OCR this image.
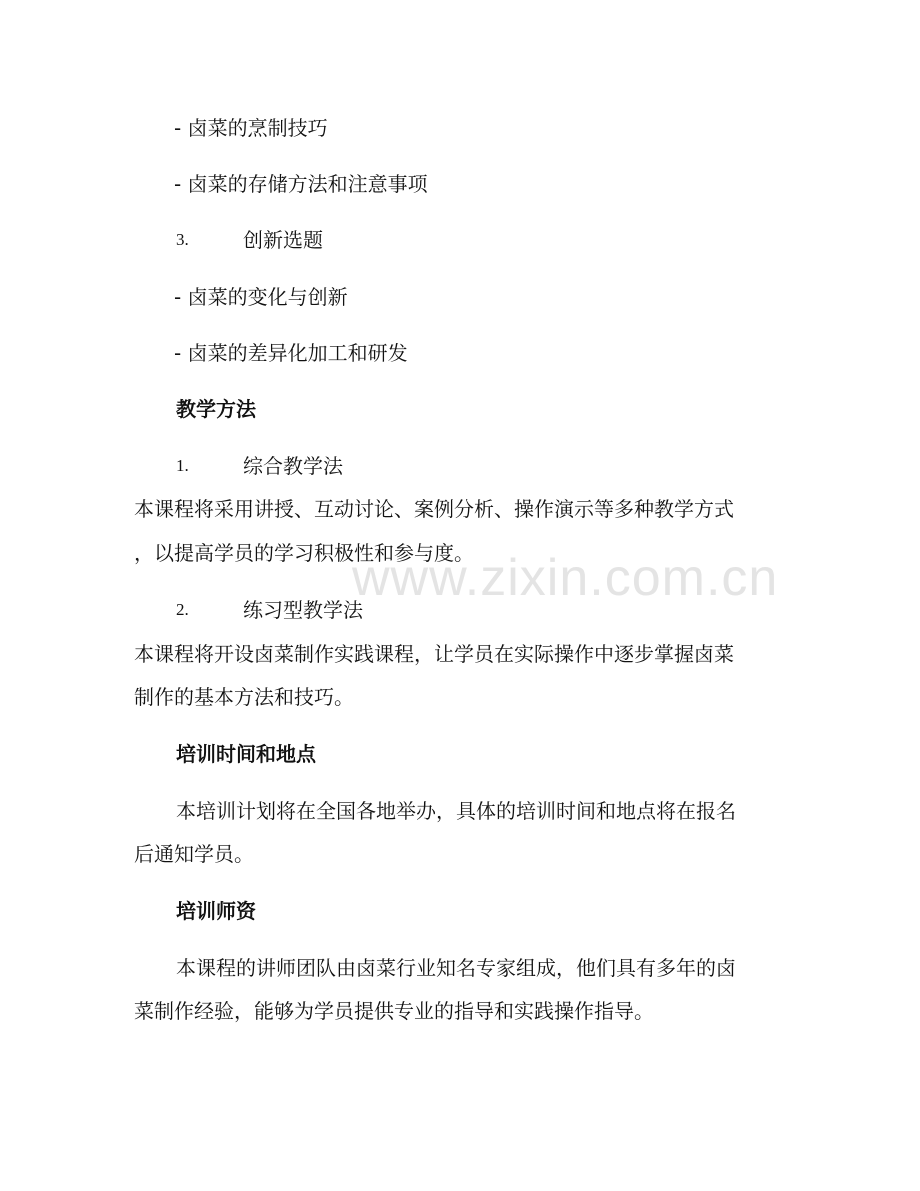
www.zixin.com.cn
- 卤菜的烹制技巧
- 卤菜的存储方法和注意事项
3.	创新选题
- 卤菜的变化与创新
- 卤菜的差异化加工和研发
教学方法
1.	综合教学法
本课程将采用讲授、互动讨论、案例分析、操作演示等多种教学方式
，以提高学员的学习积极性和参与度。
2.	练习型教学法
本课程将开设卤菜制作实践课程，让学员在实际操作中逐步掌握卤菜
制作的基本方法和技巧。
培训时间和地点
本培训计划将在全国各地举办，具体的培训时间和地点将在报名
后通知学员。
培训师资
本课程的讲师团队由卤菜行业知名专家组成，他们具有多年的卤
菜制作经验，能够为学员提供专业的指导和实践操作指导。
